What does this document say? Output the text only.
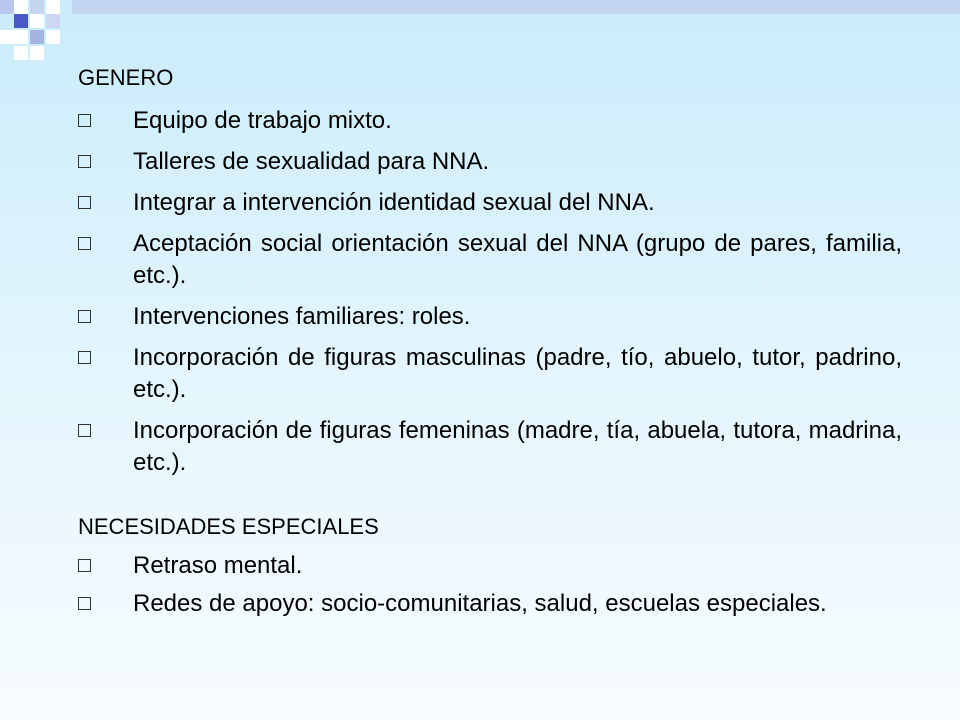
GENERO

Equipo de trabajo mixto.
Talleres de sexualidad para NNA.
Integrar a intervención identidad sexual del NNA.
Aceptación social orientación sexual del NNA (grupo de pares, familia, etc.).
Intervenciones familiares: roles.
Incorporación de figuras masculinas (padre, tío, abuelo, tutor, padrino, etc.).
Incorporación de figuras femeninas (madre, tía, abuela, tutora, madrina, etc.).

NECESIDADES ESPECIALES

Retraso mental.
Redes de apoyo: socio-comunitarias, salud, escuelas especiales.
